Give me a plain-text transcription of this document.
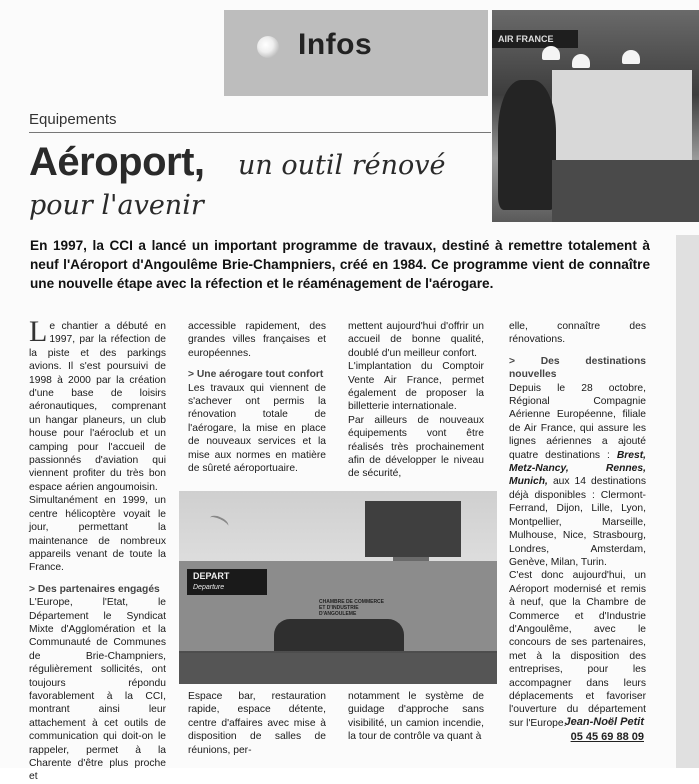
Infos	AIR FRANCE
Equipements
Aéroport, un outil rénové
pour l'avenir
En 1997, la CCI a lancé un important programme de travaux, destiné à remettre totalement à neuf l'Aéroport d'Angoulême Brie-Champniers, créé en 1984. Ce programme vient de connaître une nouvelle étape avec la réfection et le réaménagement de l'aérogare.

Le chantier a débuté en 1997, par la réfection de la piste et des parkings avions. Il s'est poursuivi de 1998 à 2000 par la création d'une base de loisirs aéronautiques, comprenant un hangar planeurs, un club house pour l'aéroclub et un camping pour l'accueil de passionnés d'aviation qui viennent profiter du très bon espace aérien angoumoisin.

Simultanément en 1999, un centre hélicoptère voyait le jour, permettant la maintenance de nombreux appareils venant de toute la France.

> Des partenaires engagés

L'Europe, l'Etat, le Département le Syndicat Mixte d'Agglomération et la Communauté de Communes de Brie-Champniers, régulièrement sollicités, ont toujours répondu favorablement à la CCI, montrant ainsi leur attachement à cet outils de communication qui doit-on le rappeler, permet à la Charente d'être plus proche et

accessible rapidement, des grandes villes françaises et européennes.

> Une aérogare tout confort

Les travaux qui viennent de s'achever ont permis la rénovation totale de l'aérogare, la mise en place de nouveaux services et la mise aux normes en matière de sûreté aéroportuaire.

Espace bar, restauration rapide, espace détente, centre d'affaires avec mise à disposition de salles de réunions, per-

mettent aujourd'hui d'offrir un accueil de bonne qualité, doublé d'un meilleur confort.

L'implantation du Comptoir Vente Air France, permet également de proposer la billetterie internationale.

Par ailleurs de nouveaux équipements vont être réalisés très prochainement afin de développer le niveau de sécurité,

notamment le système de guidage d'approche sans visibilité, un camion incendie, la tour de contrôle va quant à

elle, connaître des rénovations.

> Des destinations nouvelles

Depuis le 28 octobre, Régional Compagnie Aérienne Européenne, filiale de Air France, qui assure les lignes aériennes a ajouté quatre destinations : Brest, Metz-Nancy, Rennes, Munich, aux 14 destinations déjà disponibles : Clermont-Ferrand, Dijon, Lille, Lyon, Montpellier, Marseille, Mulhouse, Nice, Strasbourg, Londres, Amsterdam, Genève, Milan, Turin.

C'est donc aujourd'hui, un Aéroport modernisé et remis à neuf, que la Chambre de Commerce et d'Industrie d'Angoulême, avec le concours de ses partenaires, met à la disposition des entreprises, pour les accompagner dans leurs déplacements et favoriser l'ouverture du département sur l'Europe.

Jean-Noël Petit
05 45 69 88 09
DEPART
Departure
CHAMBRE DE COMMERCE ET D'INDUSTRIE D'ANGOULEME
